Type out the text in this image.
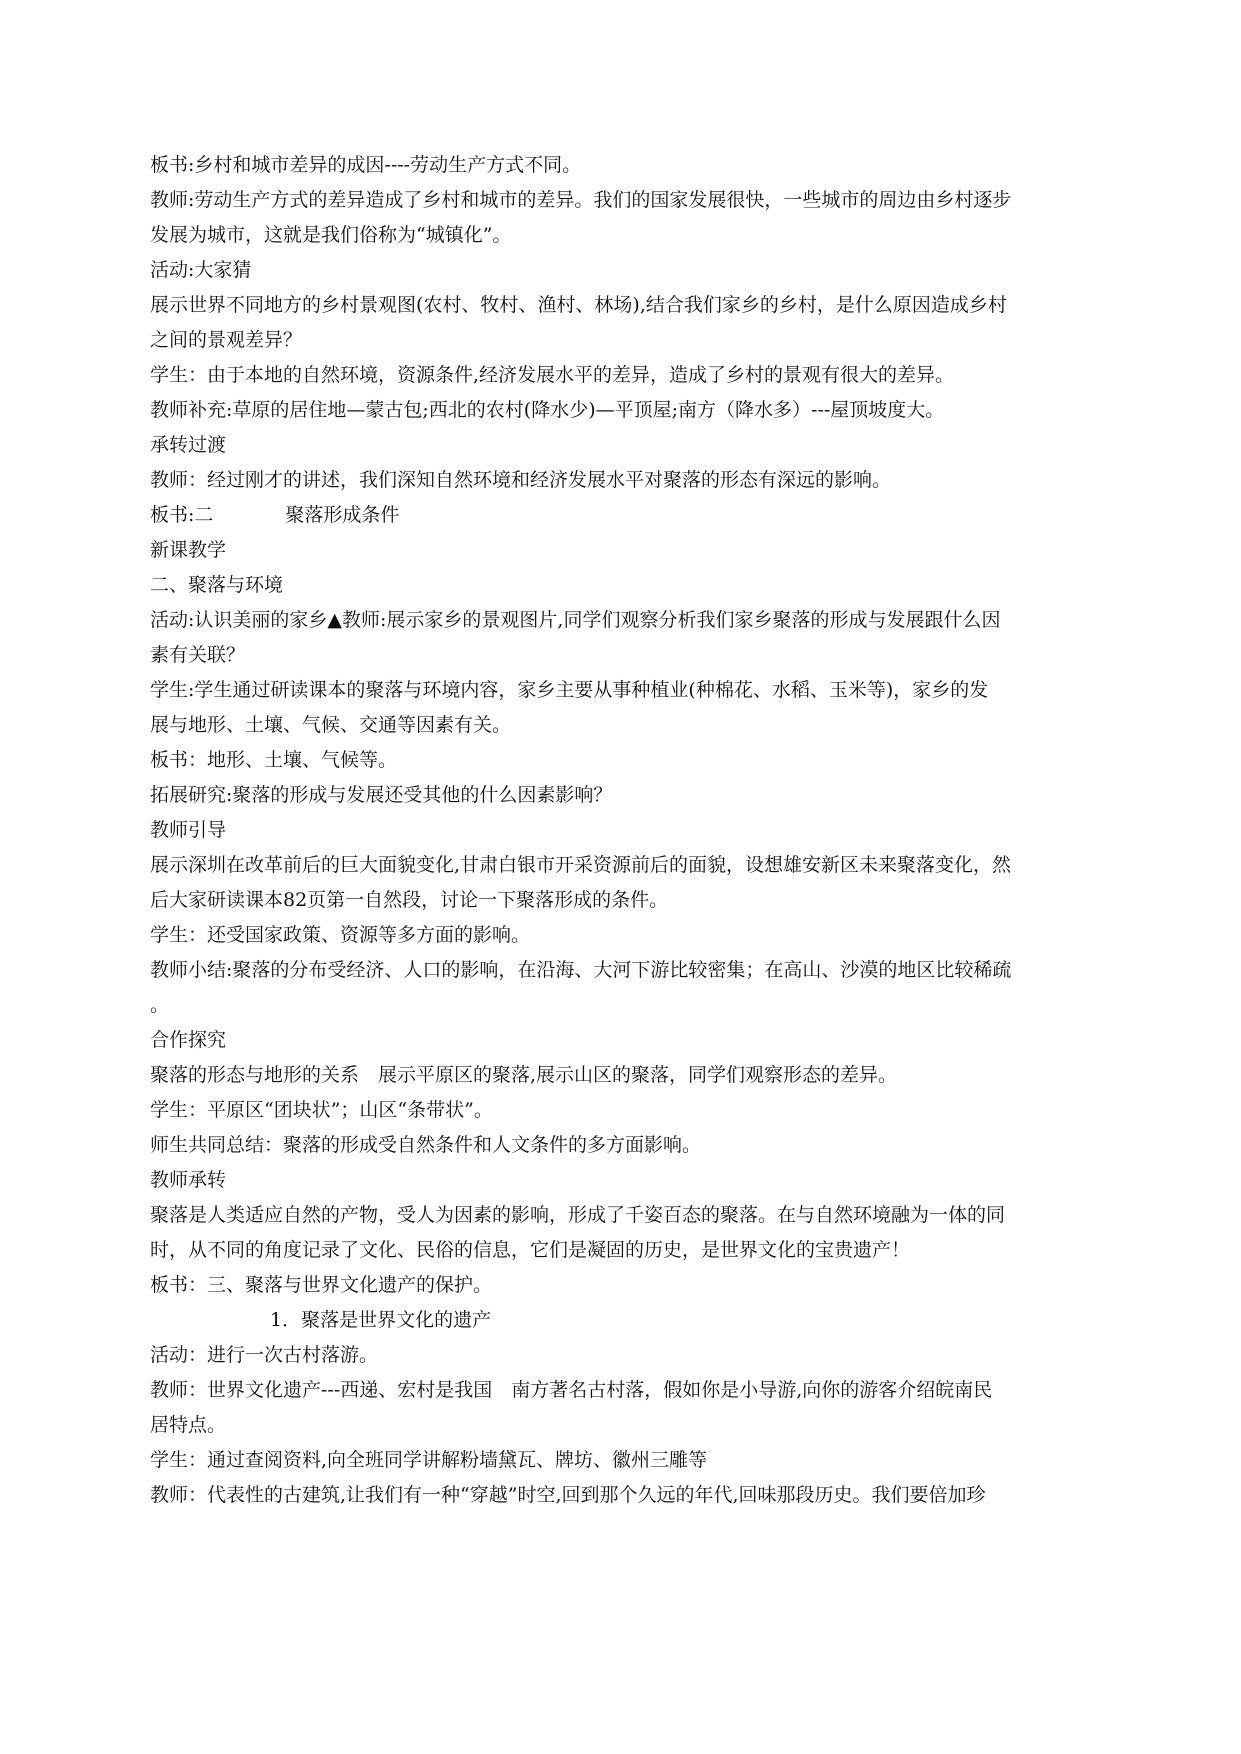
板书:乡村和城市差异的成因----劳动生产方式不同。

教师:劳动生产方式的差异造成了乡村和城市的差异。我们的国家发展很快，一些城市的周边由乡村逐步

发展为城市，这就是我们俗称为“城镇化”。

活动:大家猜

展示世界不同地方的乡村景观图(农村、牧村、渔村、林场),结合我们家乡的乡村，是什么原因造成乡村

之间的景观差异？

学生：由于本地的自然环境，资源条件,经济发展水平的差异，造成了乡村的景观有很大的差异。

教师补充:草原的居住地—蒙古包;西北的农村(降水少)—平顶屋;南方（降水多）---屋顶坡度大。

承转过渡

教师：经过刚才的讲述，我们深知自然环境和经济发展水平对聚落的形态有深远的影响。

板书:二	聚落形成条件

新课教学

二、聚落与环境

活动:认识美丽的家乡▲教师:展示家乡的景观图片,同学们观察分析我们家乡聚落的形成与发展跟什么因

素有关联？

学生:学生通过研读课本的聚落与环境内容，家乡主要从事种植业(种棉花、水稻、玉米等)，家乡的发

展与地形、土壤、气候、交通等因素有关。

板书：地形、土壤、气候等。

拓展研究:聚落的形成与发展还受其他的什么因素影响？

教师引导

展示深圳在改革前后的巨大面貌变化,甘肃白银市开采资源前后的面貌，设想雄安新区未来聚落变化，然

后大家研读课本82页第一自然段，讨论一下聚落形成的条件。

学生：还受国家政策、资源等多方面的影响。

教师小结:聚落的分布受经济、人口的影响，在沿海、大河下游比较密集；在高山、沙漠的地区比较稀疏

。

合作探究

聚落的形态与地形的关系　展示平原区的聚落,展示山区的聚落，同学们观察形态的差异。

学生：平原区“团块状”；山区“条带状”。

师生共同总结：聚落的形成受自然条件和人文条件的多方面影响。

教师承转

聚落是人类适应自然的产物，受人为因素的影响，形成了千姿百态的聚落。在与自然环境融为一体的同

时，从不同的角度记录了文化、民俗的信息，它们是凝固的历史，是世界文化的宝贵遗产！

板书：三、聚落与世界文化遗产的保护。

1．聚落是世界文化的遗产

活动：进行一次古村落游。

教师：世界文化遗产---西递、宏村是我国　南方著名古村落，假如你是小导游,向你的游客介绍皖南民

居特点。

学生：通过查阅资料,向全班同学讲解粉墙黛瓦、牌坊、徽州三雕等

教师：代表性的古建筑,让我们有一种“穿越”时空,回到那个久远的年代,回味那段历史。我们要倍加珍
